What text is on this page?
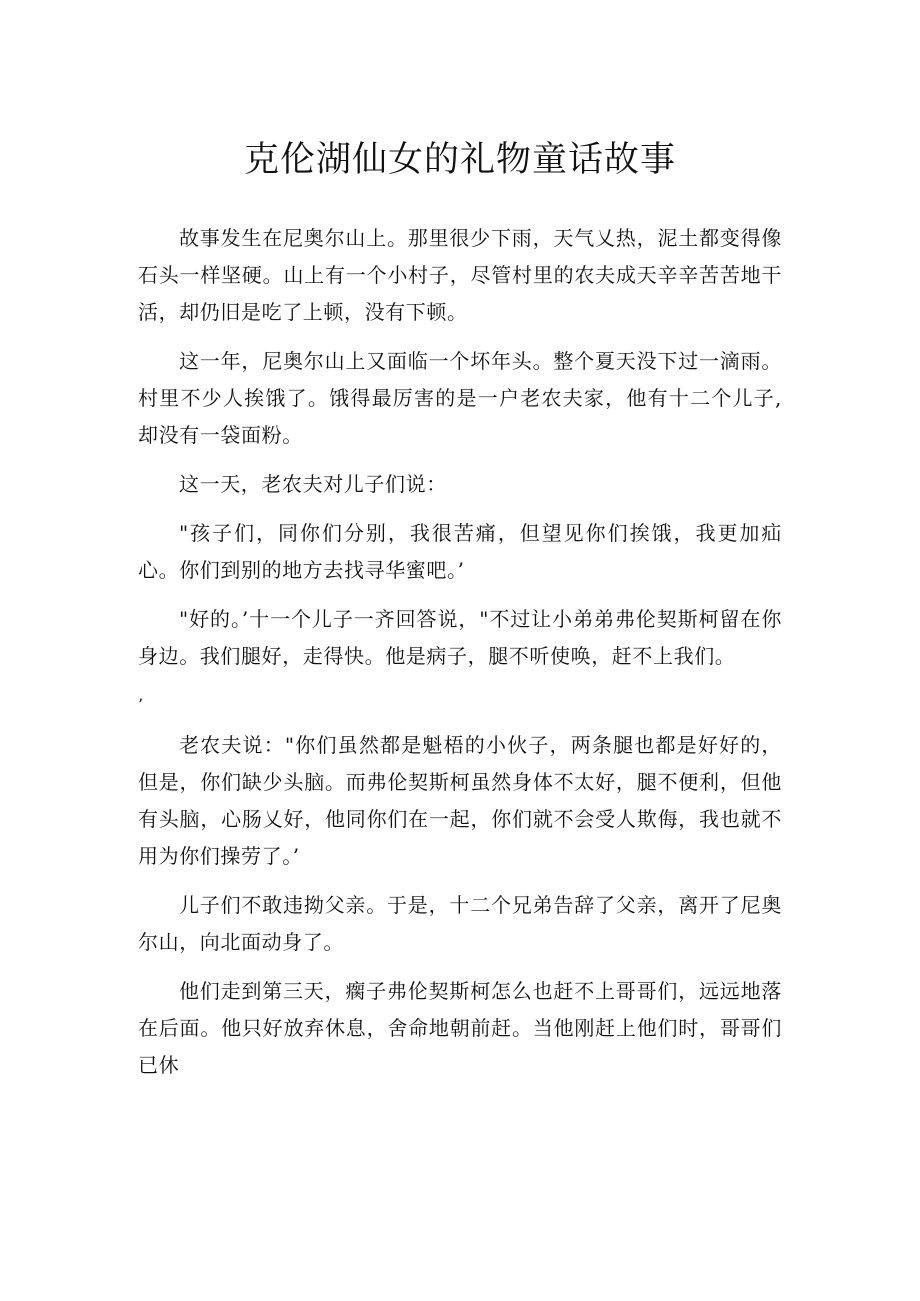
克伦湖仙女的礼物童话故事

故事发生在尼奥尔山上。那里很少下雨，天气乂热，泥土都变得像石头一样坚硬。山上有一个小村子，尽管村里的农夫成天辛辛苦苦地干活，却仍旧是吃了上顿，没有下顿。

这一年，尼奥尔山上又面临一个坏年头。整个夏天没下过一滴雨。村里不少人挨饿了。饿得最厉害的是一户老农夫家，他有十二个儿子,却没有一袋面粉。

这一天，老农夫对儿子们说：

"孩子们，同你们分别，我很苦痛，但望见你们挨饿，我更加疝心。你们到别的地方去找寻华蜜吧。’

"好的。’十一个儿子一齐回答说，"不过让小弟弟弗伦契斯柯留在你身边。我们腿好，走得快。他是病子，腿不听使唤，赶不上我们。

’

老农夫说："你们虽然都是魁梧的小伙子，两条腿也都是好好的，但是，你们缺少头脑。而弗伦契斯柯虽然身体不太好，腿不便利，但他有头脑，心肠乂好，他同你们在一起，你们就不会受人欺侮，我也就不用为你们操劳了。’

儿子们不敢违拗父亲。于是，十二个兄弟告辞了父亲，离开了尼奥尔山，向北面动身了。

他们走到第三天，瘸子弗伦契斯柯怎么也赶不上哥哥们，远远地落在后面。他只好放弃休息，舍命地朝前赶。当他刚赶上他们时，哥哥们已休
